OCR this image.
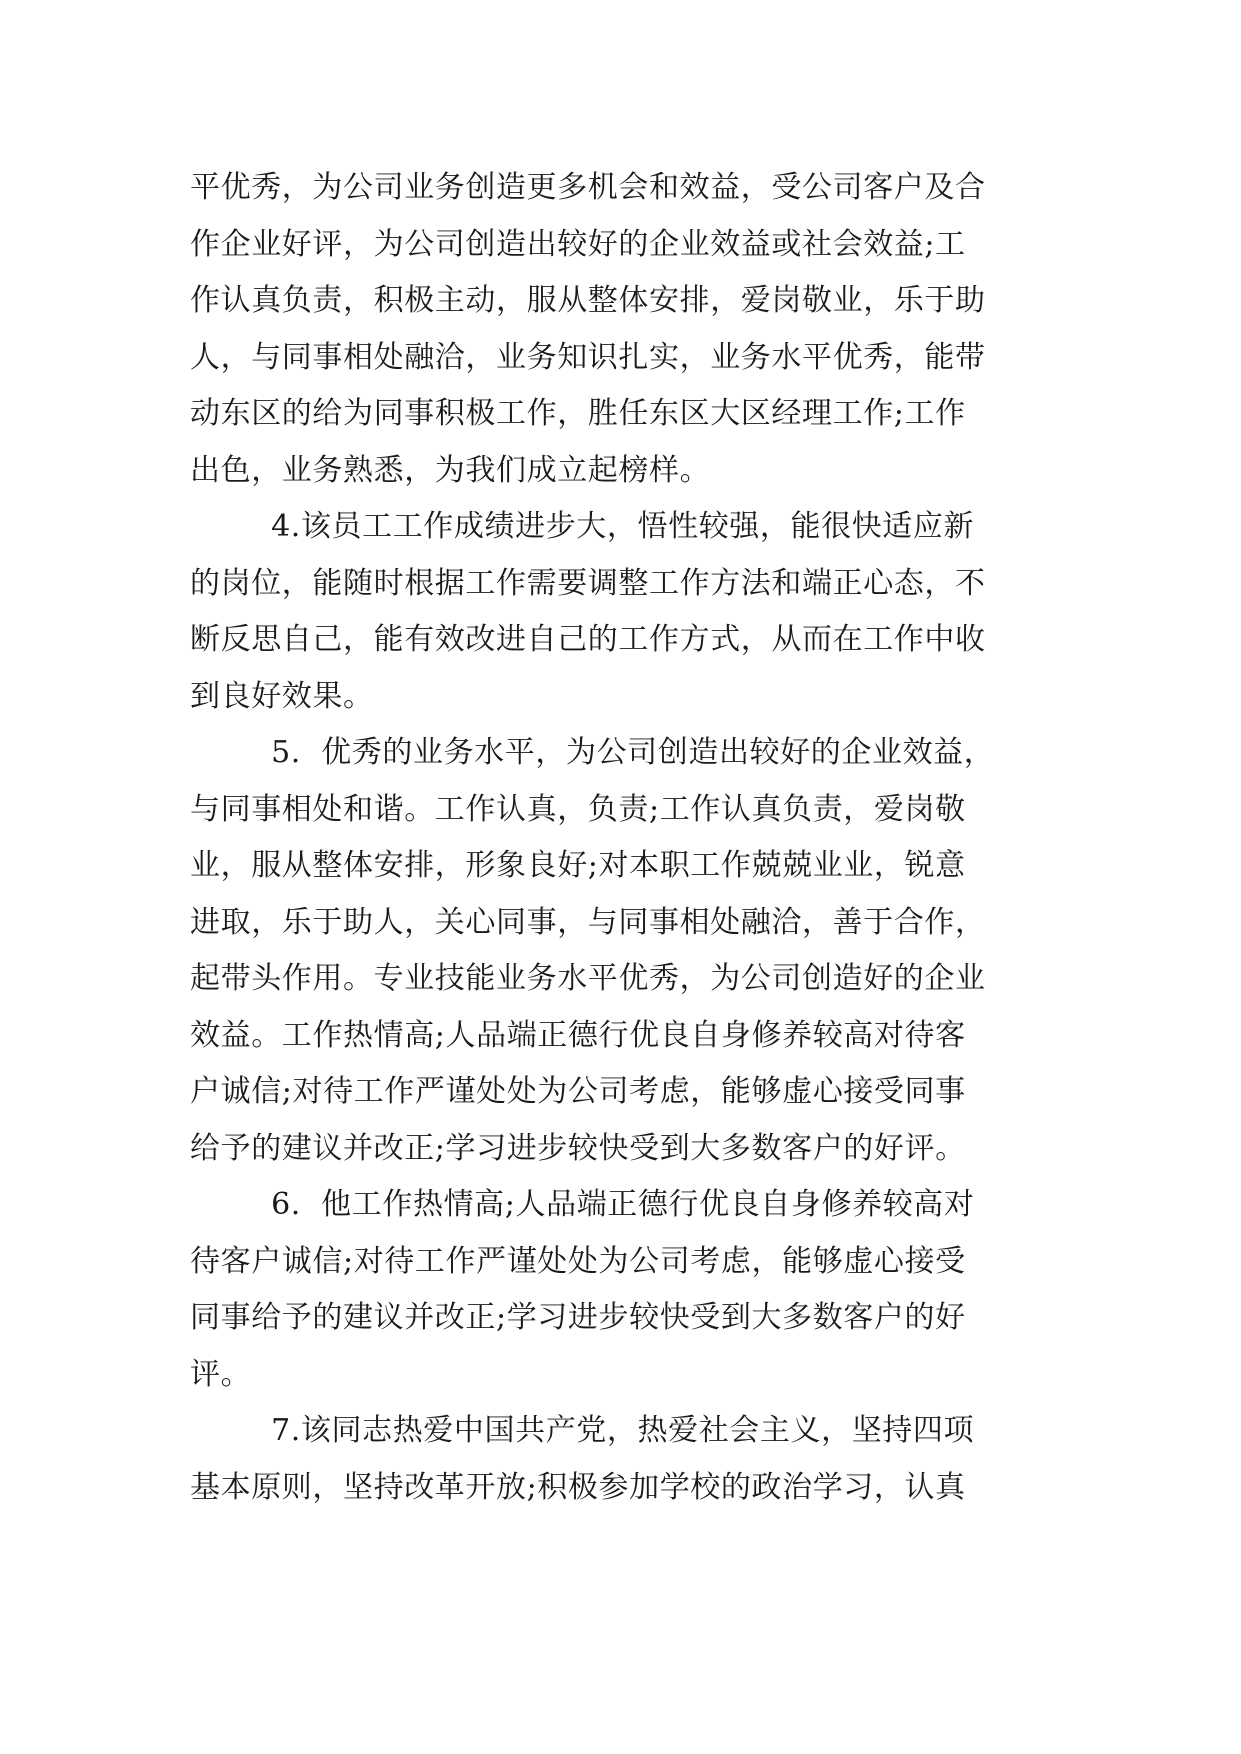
平优秀，为公司业务创造更多机会和效益，受公司客户及合
作企业好评，为公司创造出较好的企业效益或社会效益;工
作认真负责，积极主动，服从整体安排，爱岗敬业，乐于助
人，与同事相处融洽，业务知识扎实，业务水平优秀，能带
动东区的给为同事积极工作，胜任东区大区经理工作;工作
出色，业务熟悉，为我们成立起榜样。
4.该员工工作成绩进步大，悟性较强，能很快适应新
的岗位，能随时根据工作需要调整工作方法和端正心态，不
断反思自己，能有效改进自己的工作方式，从而在工作中收
到良好效果。
5.  优秀的业务水平，为公司创造出较好的企业效益，
与同事相处和谐。工作认真，负责;工作认真负责，爱岗敬
业，服从整体安排，形象良好;对本职工作兢兢业业，锐意
进取，乐于助人，关心同事，与同事相处融洽，善于合作，
起带头作用。专业技能业务水平优秀，为公司创造好的企业
效益。工作热情高;人品端正德行优良自身修养较高对待客
户诚信;对待工作严谨处处为公司考虑，能够虚心接受同事
给予的建议并改正;学习进步较快受到大多数客户的好评。
6.  他工作热情高;人品端正德行优良自身修养较高对
待客户诚信;对待工作严谨处处为公司考虑，能够虚心接受
同事给予的建议并改正;学习进步较快受到大多数客户的好
评。
7.该同志热爱中国共产党，热爱社会主义，坚持四项
基本原则，坚持改革开放;积极参加学校的政治学习，认真
